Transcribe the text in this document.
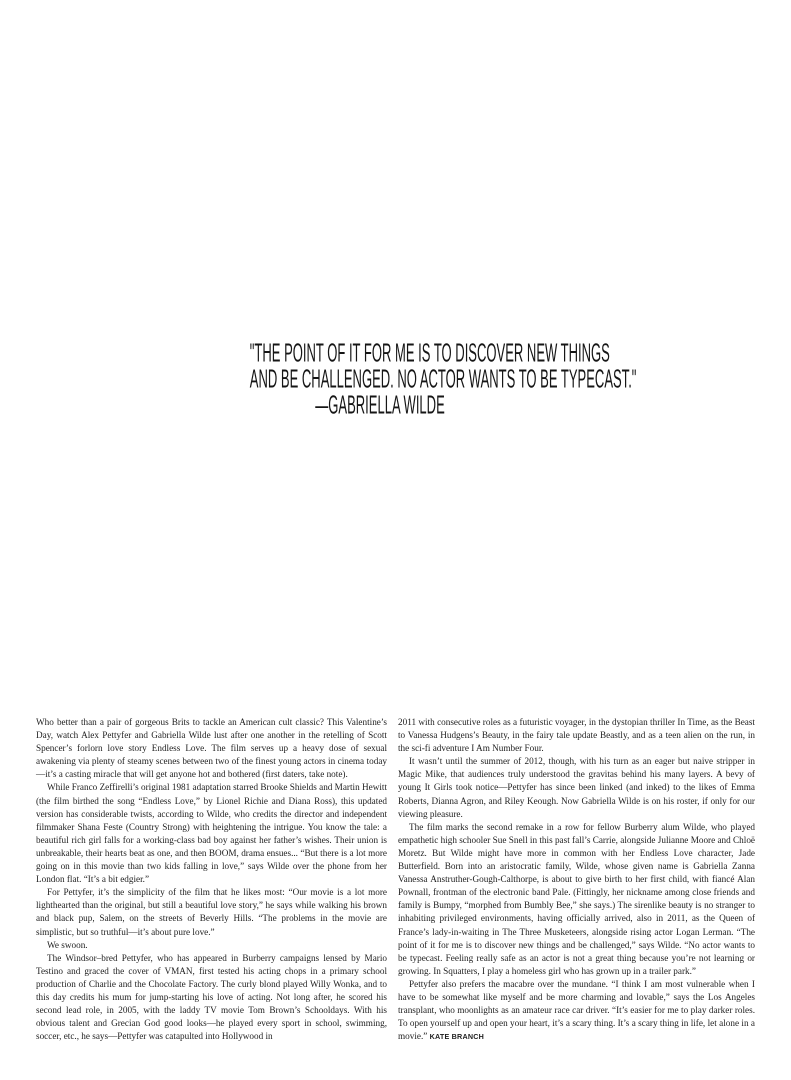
"THE POINT OF IT FOR ME IS TO DISCOVER NEW THINGS
AND BE CHALLENGED. NO ACTOR WANTS TO BE TYPECAST."
—GABRIELLA WILDE

Who better than a pair of gorgeous Brits to tackle an American cult classic? This Valentine’s Day, watch Alex Pettyfer and Gabriella Wilde lust after one another in the retelling of Scott Spencer’s forlorn love story Endless Love. The film serves up a heavy dose of sexual awakening via plenty of steamy scenes between two of the finest young actors in cinema today—it’s a casting miracle that will get anyone hot and bothered (first daters, take note).

While Franco Zeffirelli’s original 1981 adaptation starred Brooke Shields and Martin Hewitt (the film birthed the song “Endless Love,” by Lionel Richie and Diana Ross), this updated version has considerable twists, according to Wilde, who credits the director and independent filmmaker Shana Feste (Country Strong) with heightening the intrigue. You know the tale: a beautiful rich girl falls for a working-class bad boy against her father’s wishes. Their union is unbreakable, their hearts beat as one, and then BOOM, drama ensues... “But there is a lot more going on in this movie than two kids falling in love,” says Wilde over the phone from her London flat. “It’s a bit edgier.”

For Pettyfer, it’s the simplicity of the film that he likes most: “Our movie is a lot more lighthearted than the original, but still a beautiful love story,” he says while walking his brown and black pup, Salem, on the streets of Beverly Hills. “The problems in the movie are simplistic, but so truthful—it’s about pure love.”

We swoon.

The Windsor–bred Pettyfer, who has appeared in Burberry campaigns lensed by Mario Testino and graced the cover of VMAN, first tested his acting chops in a primary school production of Charlie and the Chocolate Factory. The curly blond played Willy Wonka, and to this day credits his mum for jump-starting his love of acting. Not long after, he scored his second lead role, in 2005, with the laddy TV movie Tom Brown’s Schooldays. With his obvious talent and Grecian God good looks—he played every sport in school, swimming, soccer, etc., he says—Pettyfer was catapulted into Hollywood in

2011 with consecutive roles as a futuristic voyager, in the dystopian thriller In Time, as the Beast to Vanessa Hudgens’s Beauty, in the fairy tale update Beastly, and as a teen alien on the run, in the sci-fi adventure I Am Number Four.

It wasn’t until the summer of 2012, though, with his turn as an eager but naive stripper in Magic Mike, that audiences truly understood the gravitas behind his many layers. A bevy of young It Girls took notice—Pettyfer has since been linked (and inked) to the likes of Emma Roberts, Dianna Agron, and Riley Keough. Now Gabriella Wilde is on his roster, if only for our viewing pleasure.

The film marks the second remake in a row for fellow Burberry alum Wilde, who played empathetic high schooler Sue Snell in this past fall’s Carrie, alongside Julianne Moore and Chloë Moretz. But Wilde might have more in common with her Endless Love character, Jade Butterfield. Born into an aristocratic family, Wilde, whose given name is Gabriella Zanna Vanessa Anstruther-Gough-Calthorpe, is about to give birth to her first child, with fiancé Alan Pownall, frontman of the electronic band Pale. (Fittingly, her nickname among close friends and family is Bumpy, “morphed from Bumbly Bee,” she says.) The sirenlike beauty is no stranger to inhabiting privileged environments, having officially arrived, also in 2011, as the Queen of France’s lady-in-waiting in The Three Musketeers, alongside rising actor Logan Lerman. “The point of it for me is to discover new things and be challenged,” says Wilde. “No actor wants to be typecast. Feeling really safe as an actor is not a great thing because you’re not learning or growing. In Squatters, I play a homeless girl who has grown up in a trailer park.”

Pettyfer also prefers the macabre over the mundane. “I think I am most vulnerable when I have to be somewhat like myself and be more charming and lovable,” says the Los Angeles transplant, who moonlights as an amateur race car driver. “It’s easier for me to play darker roles. To open yourself up and open your heart, it’s a scary thing. It’s a scary thing in life, let alone in a movie.” KATE BRANCH
